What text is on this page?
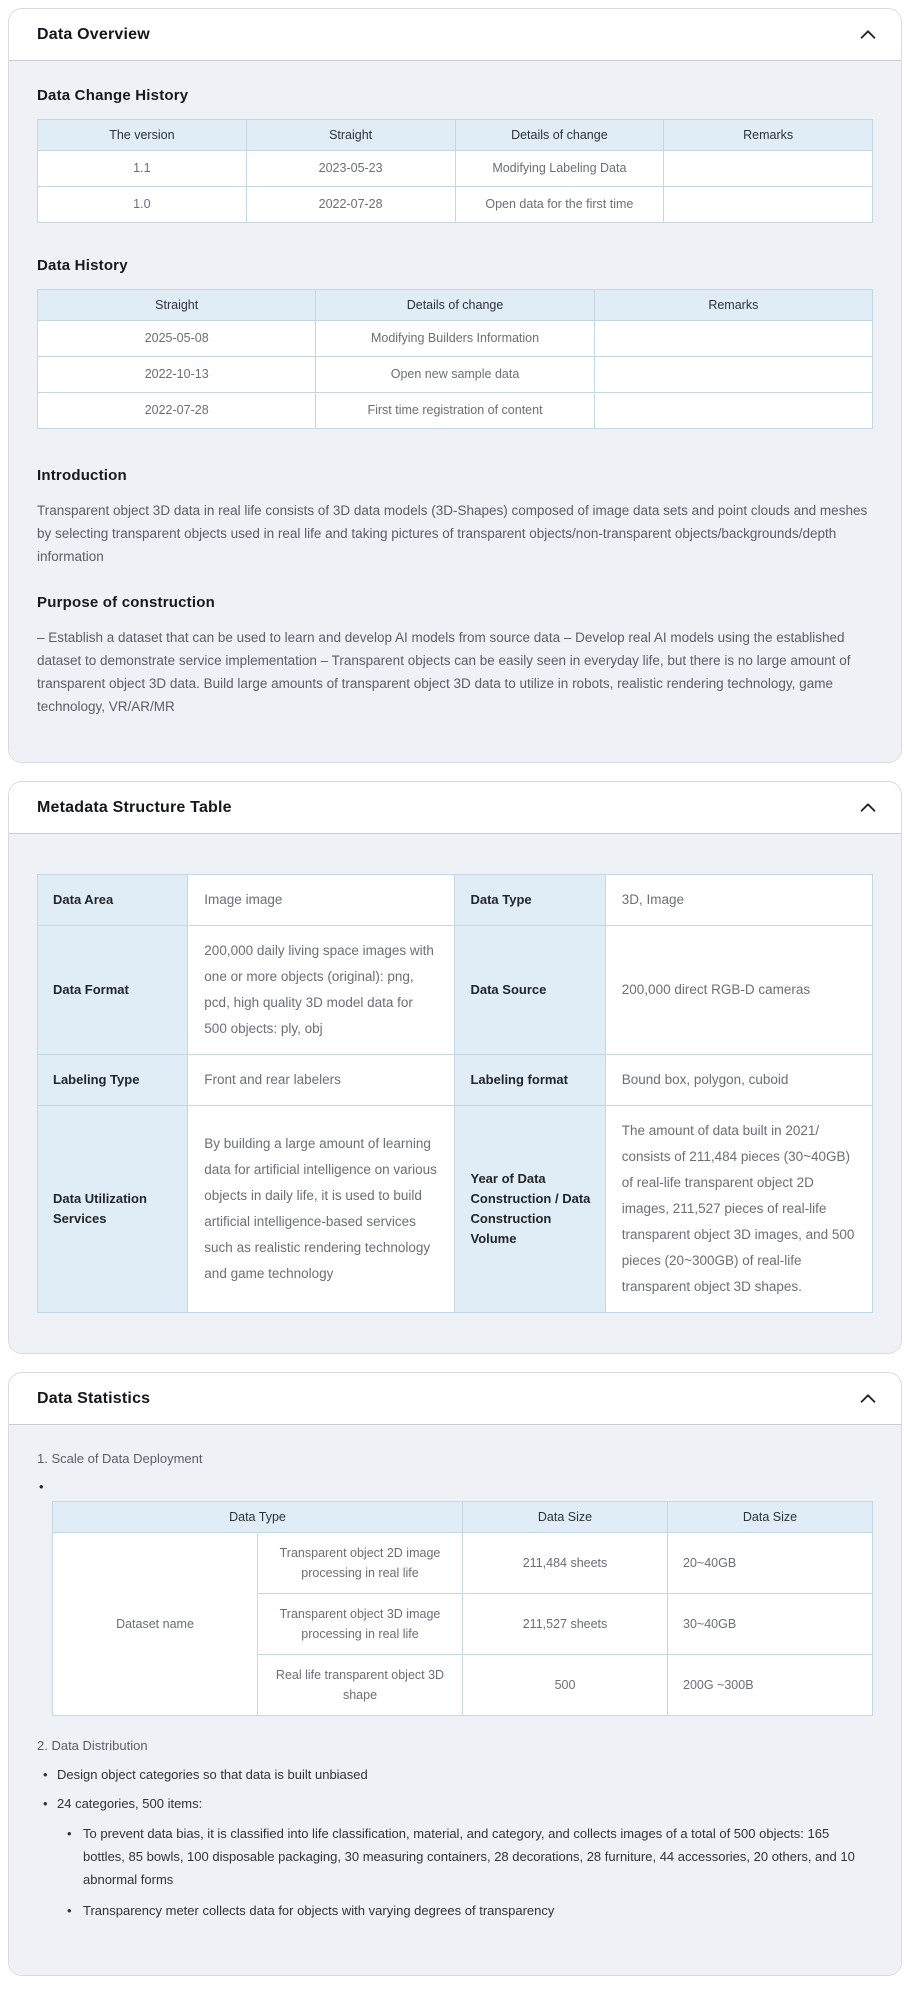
Data Overview
Data Change History
The version	Straight	Details of change	Remarks
1.1	2023-05-23	Modifying Labeling Data	
1.0	2022-07-28	Open data for the first time	
Data History
Straight	Details of change	Remarks
2025-05-08	Modifying Builders Information	
2022-10-13	Open new sample data	
2022-07-28	First time registration of content	
Introduction

Transparent object 3D data in real life consists of 3D data models (3D-Shapes) composed of image data sets and point clouds and meshes by selecting transparent objects used in real life and taking pictures of transparent objects/non-transparent objects/backgrounds/depth information

Purpose of construction

– Establish a dataset that can be used to learn and develop AI models from source data – Develop real AI models using the established dataset to demonstrate service implementation – Transparent objects can be easily seen in everyday life, but there is no large amount of transparent object 3D data. Build large amounts of transparent object 3D data to utilize in robots, realistic rendering technology, game technology, VR/AR/MR

Metadata Structure Table
Data Area	Image image	Data Type	3D, Image
Data Format	200,000 daily living space images with one or more objects (original): png, pcd, high quality 3D model data for 500 objects: ply, obj	Data Source	200,000 direct RGB-D cameras
Labeling Type	Front and rear labelers	Labeling format	Bound box, polygon, cuboid
Data Utilization Services	By building a large amount of learning data for artificial intelligence on various objects in daily life, it is used to build artificial intelligence-based services such as realistic rendering technology and game technology	Year of Data Construction / Data Construction Volume	The amount of data built in 2021/ consists of 211,484 pieces (30~40GB) of real-life transparent object 2D images, 211,527 pieces of real-life transparent object 3D images, and 500 pieces (20~300GB) of real-life transparent object 3D shapes.
Data Statistics

1. Scale of Data Deployment

•
Data Type		Data Size	Data Size
Dataset name	Transparent object 2D image processing in real life	211,484 sheets	20~40GB
	Transparent object 3D image processing in real life	211,527 sheets	30~40GB
	Real life transparent object 3D shape	500	200G ~300B

2. Data Distribution

• Design object categories so that data is built unbiased
• 24 categories, 500 items:
• To prevent data bias, it is classified into life classification, material, and category, and collects images of a total of 500 objects: 165 bottles, 85 bowls, 100 disposable packaging, 30 measuring containers, 28 decorations, 28 furniture, 44 accessories, 20 others, and 10 abnormal forms
• Transparency meter collects data for objects with varying degrees of transparency
